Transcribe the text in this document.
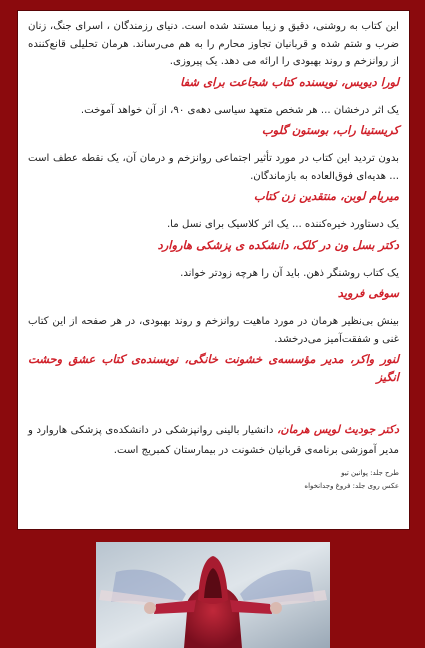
این کتاب به روشنی، دقیق و زیبا مستند شده است. دنیای رزمندگان ، اسرای جنگ، زنان ضرب و شتم شده و قربانیان تجاوز محارم را به هم می‌رساند. هرمان تحلیلی قانع‌کننده از روانزخم و روند بهبودی را ارائه می دهد. یک پیروزی.

لورا دیویس، نویسنده کتاب شجاعت برای شفا

یک اثر درخشان ... هر شخص متعهد سیاسی دهه‌ی ۹۰، از آن خواهد آموخت.

کریستینا راب، بوستون گلوب

بدون تردید این کتاب در مورد تأثیر اجتماعی روانزخم و درمان آن، یک نقطه عطف است ... هدیه‌ای فوق‌العاده به بازماندگان.

میریام لوبن، منتقدین زن کتاب

یک دستاورد خیره‌کننده ... یک اثر کلاسیک برای نسل ما.

دکتر بسل ون در کلک، دانشکده ی پزشکی هاروارد

یک کتاب روشنگر ذهن. باید آن را هرچه زودتر خواند.

سوفی فروید

بینش بی‌نظیر هرمان در مورد ماهیت روانزخم و روند بهبودی، در هر صفحه از این کتاب غنی و شفقت‌آمیز می‌درخشد.

لنور واکر، مدیر مؤسسه‌ی خشونت خانگی، نویسنده‌ی کتاب عشق وحشت انگیز

دکتر جودیث لویس هرمان، دانشیار بالینی روانپزشکی در دانشکده‌ی پزشکی هاروارد و مدیر آموزشی برنامه‌ی قربانیان خشونت در بیمارستان کمبریج است.

طرح جلد: پوانین تیو
عکس روی جلد: فروغ وجدانخواه
